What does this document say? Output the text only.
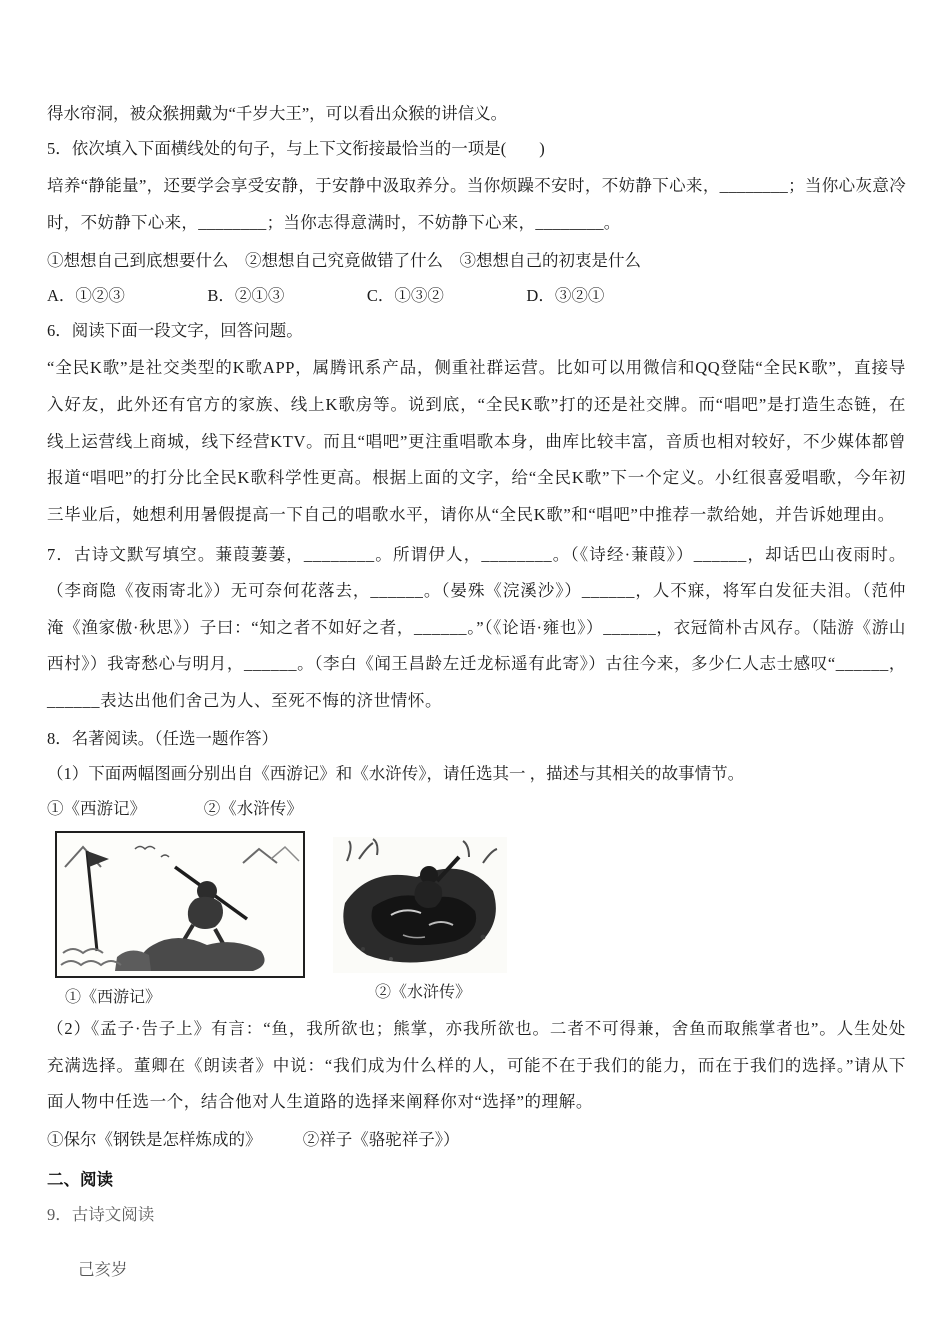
得水帘洞，被众猴拥戴为“千岁大王”，可以看出众猴的讲信义。

5．依次填入下面横线处的句子，与上下文衔接最恰当的一项是(　　)

培养“静能量”，还要学会享受安静，于安静中汲取养分。当你烦躁不安时，不妨静下心来，________；当你心灰意冷时，不妨静下心来，________；当你志得意满时，不妨静下心来，________。

①想想自己到底想要什么　②想想自己究竟做错了什么　③想想自己的初衷是什么

A．①②③　　　　　B．②①③　　　　　C．①③②　　　　　D．③②①

6．阅读下面一段文字，回答问题。

“全民K歌”是社交类型的K歌APP，属腾讯系产品，侧重社群运营。比如可以用微信和QQ登陆“全民K歌”，直接导入好友，此外还有官方的家族、线上K歌房等。说到底，“全民K歌”打的还是社交牌。而“唱吧”是打造生态链，在线上运营线上商城，线下经营KTV。而且“唱吧”更注重唱歌本身，曲库比较丰富，音质也相对较好，不少媒体都曾报道“唱吧”的打分比全民K歌科学性更高。根据上面的文字，给“全民K歌”下一个定义。小红很喜爱唱歌，今年初三毕业后，她想利用暑假提高一下自己的唱歌水平，请你从“全民K歌”和“唱吧”中推荐一款给她，并告诉她理由。

7．古诗文默写填空。蒹葭萋萋，________。所谓伊人，________。（《诗经·蒹葭》）______，却话巴山夜雨时。（李商隐《夜雨寄北》）无可奈何花落去，______。（晏殊《浣溪沙》）______，人不寐，将军白发征夫泪。（范仲淹《渔家傲·秋思》）子曰：“知之者不如好之者，______。”（《论语·雍也》）______，衣冠简朴古风存。（陆游《游山西村》）我寄愁心与明月，______。（李白《闻王昌龄左迁龙标遥有此寄》）古往今来，多少仁人志士感叹“______，______表达出他们舍己为人、至死不悔的济世情怀。

8．名著阅读。（任选一题作答）

（1）下面两幅图画分别出自《西游记》和《水浒传》，请任选其一 ，描述与其相关的故事情节。

①《西游记》　　　　②《水浒传》

①《西游记》	②《水浒传》

（2）《孟子·告子上》有言：“鱼，我所欲也；熊掌，亦我所欲也。二者不可得兼，舍鱼而取熊掌者也”。人生处处充满选择。董卿在《朗读者》中说：“我们成为什么样的人，可能不在于我们的能力，而在于我们的选择。”请从下面人物中任选一个，结合他对人生道路的选择来阐释你对“选择”的理解。

①保尔《钢铁是怎样炼成的》　　　②祥子《骆驼祥子》）

二、阅读

9．古诗文阅读

己亥岁
